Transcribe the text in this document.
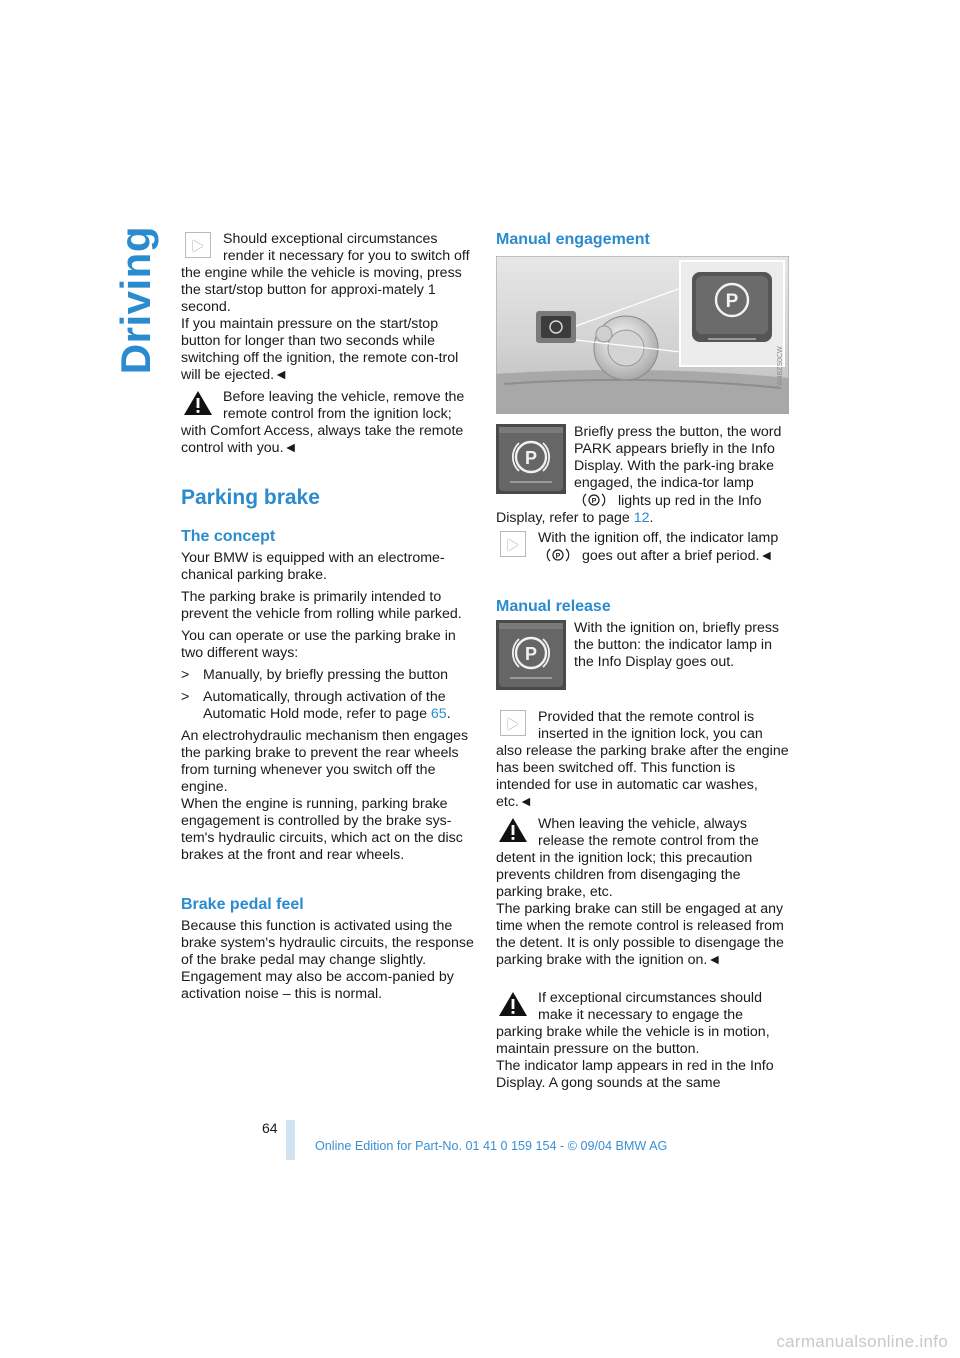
Driving	Should exceptional circumstances render it necessary for you to switch off the engine while the vehicle is moving, press the start/stop button for approxi-mately 1 second.

If you maintain pressure on the start/stop button for longer than two seconds while switching off the ignition, the remote con-trol will be ejected.◄

Before leaving the vehicle, remove the remote control from the ignition lock; with Comfort Access, always take the remote control with you.◄

Parking brake
The concept

Your BMW is equipped with an electrome-chanical parking brake.

The parking brake is primarily intended to prevent the vehicle from rolling while parked.

You can operate or use the parking brake in two different ways:

> Manually, by briefly pressing the button
> Automatically, through activation of the Automatic Hold mode, refer to page 65.

An electrohydraulic mechanism then engages the parking brake to prevent the rear wheels from turning whenever you switch off the engine.

When the engine is running, parking brake engagement is controlled by the brake sys-tem's hydraulic circuits, which act on the disc brakes at the front and rear wheels.

Brake pedal feel

Because this function is activated using the brake system's hydraulic circuits, the response of the brake pedal may change slightly. Engagement may also be accom-panied by activation noise – this is normal.

Manual engagement
P
W4BZS0CW
P

Briefly press the button, the word PARK appears briefly in the Info Display. With the park-ing brake engaged, the indica-tor lamp
P lights up red in the Info Display, refer to page 12.

With the ignition off, the indicator lamp
P goes out after a brief period.◄

Manual release
P

With the ignition on, briefly press the button: the indicator lamp in the Info Display goes out.

Provided that the remote control is inserted in the ignition lock, you can also release the parking brake after the engine has been switched off. This function is intended for use in automatic car washes, etc.◄

When leaving the vehicle, always release the remote control from the detent in the ignition lock; this precaution prevents children from disengaging the parking brake, etc.

The parking brake can still be engaged at any time when the remote control is released from the detent. It is only possible to disengage the parking brake with the ignition on.◄

If exceptional circumstances should make it necessary to engage the parking brake while the vehicle is in motion, maintain pressure on the button.

The indicator lamp appears in red in the Info Display. A gong sounds at the same

64
Online Edition for Part-No. 01 41 0 159 154 - © 09/04 BMW AG
carmanualsonline.info
